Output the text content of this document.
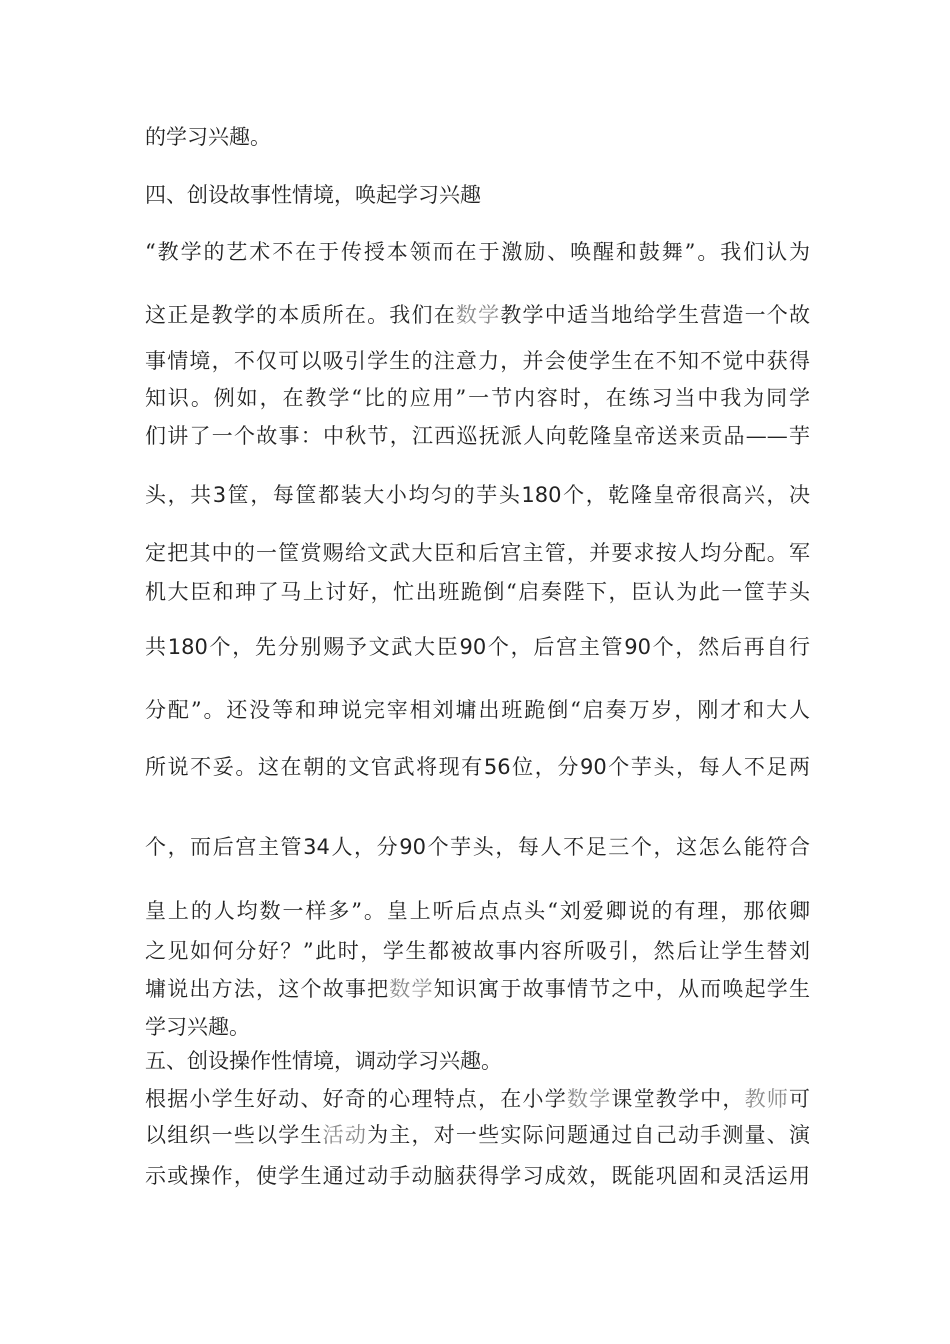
的学习兴趣。
四、创设故事性情境，唤起学习兴趣
“教学的艺术不在于传授本领而在于激励、唤醒和鼓舞”。我们认为
这正是教学的本质所在。我们在数学教学中适当地给学生营造一个故
事情境，不仅可以吸引学生的注意力，并会使学生在不知不觉中获得
知识。例如，在教学“比的应用”一节内容时，在练习当中我为同学
们讲了一个故事：中秋节，江西巡抚派人向乾隆皇帝送来贡品——芋
头，共3筐，每筐都装大小均匀的芋头180个，乾隆皇帝很高兴，决
定把其中的一筐赏赐给文武大臣和后宫主管，并要求按人均分配。军
机大臣和珅了马上讨好，忙出班跪倒“启奏陛下，臣认为此一筐芋头
共180个，先分别赐予文武大臣90个，后宫主管90个，然后再自行
分配”。还没等和珅说完宰相刘墉出班跪倒“启奏万岁，刚才和大人
所说不妥。这在朝的文官武将现有56位，分90个芋头，每人不足两
个，而后宫主管34人，分90个芋头，每人不足三个，这怎么能符合
皇上的人均数一样多”。皇上听后点点头“刘爱卿说的有理，那依卿
之见如何分好？”此时，学生都被故事内容所吸引，然后让学生替刘
墉说出方法，这个故事把数学知识寓于故事情节之中，从而唤起学生
学习兴趣。
五、创设操作性情境，调动学习兴趣。
根据小学生好动、好奇的心理特点，在小学数学课堂教学中，教师可
以组织一些以学生活动为主，对一些实际问题通过自己动手测量、演
示或操作，使学生通过动手动脑获得学习成效，既能巩固和灵活运用
